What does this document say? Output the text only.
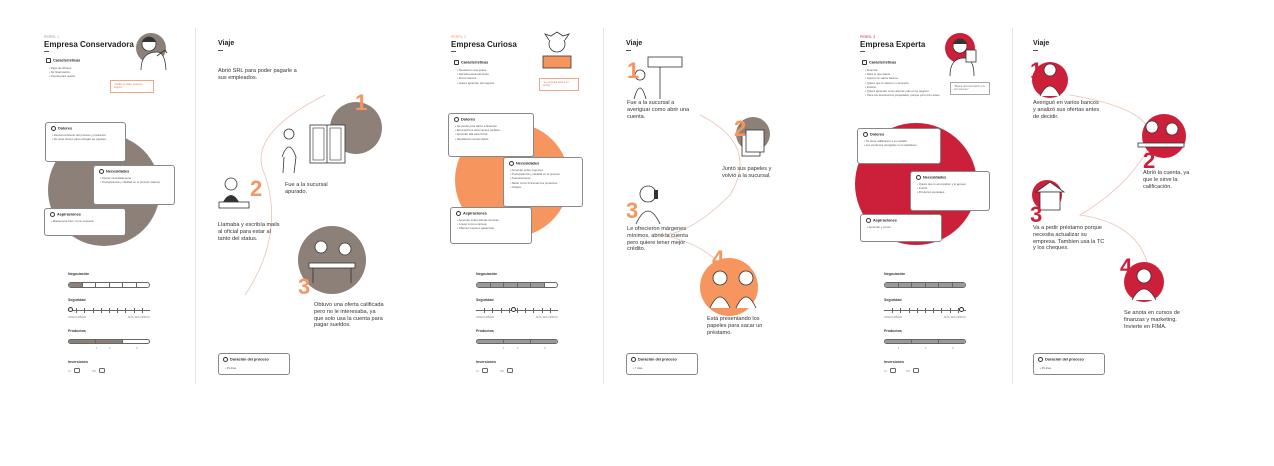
PERFIL 1
Empresa Conservadora
Características
• Pago de tributos.
• No financiación.
• Cuenta para operar.
“Cuida su plata, busca lo seguro.”
Dolores
• Desconocimiento del proceso y productos.
• No tiene tiempo para entregar los papeles.
Necesidades
• Operar inmediatamente.
• Transparencia y claridad en el proceso (status).
Aspiraciones
• Mantenerse bien, como empieza.
Negociación
Seguridad
INSEGURIDAD	MÁS SEGURIDAD
Productos
1	2	3
Inversiones
SI	NO
Viaje
1
Abrió SRL para poder pagarle a sus empleados.
Fue a la sucursal apurado.
2
Llamaba y escribía mails al oficial para estar al tanto del status.
3
Obtuvo una oferta calificada pero no le interesaba, ya que solo usa la cuenta para pagar sueldos.
Duración del proceso
• 15 días.
PERFIL 2
Empresa Curiosa
Características
• Necesita lo que quiere.
• Necesita asesoramiento.
• Pocos bancos.
• Quiere aprender del negocio.	“Le consulta todo a un amigo.”
Dolores
• No puede para darse a financiar.
• Encontrar los documentos pedidos.
• Aprender ella para firmar.
• Necesita la cuenta rápido.
Necesidades
• Aprender sobre negocios.
• Transparencia y claridad en el proceso.
• Asesoramiento.
• Saber cómo funcionan los productos.
• Chateá.
Aspiraciones
• Aprender sobre últimas técnicas.
• Crecer como empresa.
• Obtener mayores ganancias.
Negociación
Seguridad
INSEGURIDAD	MÁS SEGURIDAD
Productos
1	2	3
Inversiones
SI	NO
Viaje
1
Fue a la sucursal a averiguar como abrir una cuenta.	2
Juntó sus papeles y volvió a la sucursal.
3
Le ofrecieron márgenes mínimos, abrió la cuenta pero quiere tener mejor crédito.	4
Está presentando los papeles para sacar un préstamo.
Duración del proceso
• 7 días.
PERFIL 3
Empresa Experta
Características
• Financia.
• Sabe lo que quiere.
• Opera con varios bancos.
• Quiere que lo valoren y conocerlo.
• Invierte.
• Quiere aprender como ahorrar más en su negocio.
• Tiene los documentos preparados, porque ya lo hizo antes.
“Buena documentación por otro bancos.”
Dolores
• No tiene calificación a su medida.
• Los productos otorgados no lo satisfacen.
Necesidades
• Quiere que lo acompañen y lo apoyen.
• Invertir.
• Productos puntuales.
Aspiraciones
• Aprender y crecer.
Negociación
Seguridad
INSEGURIDAD	MÁS SEGURIDAD
Productos
1	2	3
Inversiones
SI	NO
Viaje
1
Averiguó en varios bancos y analizó sus ofertas antes de decidir.
2
Abrió la cuenta, ya que le sirve la calificación.
3
Va a pedir préstamo porque necesita actualizar su empresa. Tambien usa la TC y los cheques.
4
Se anota en cursos de finanzas y marketing. Invierte en FIMA.
Duración del proceso
• 25 días.
